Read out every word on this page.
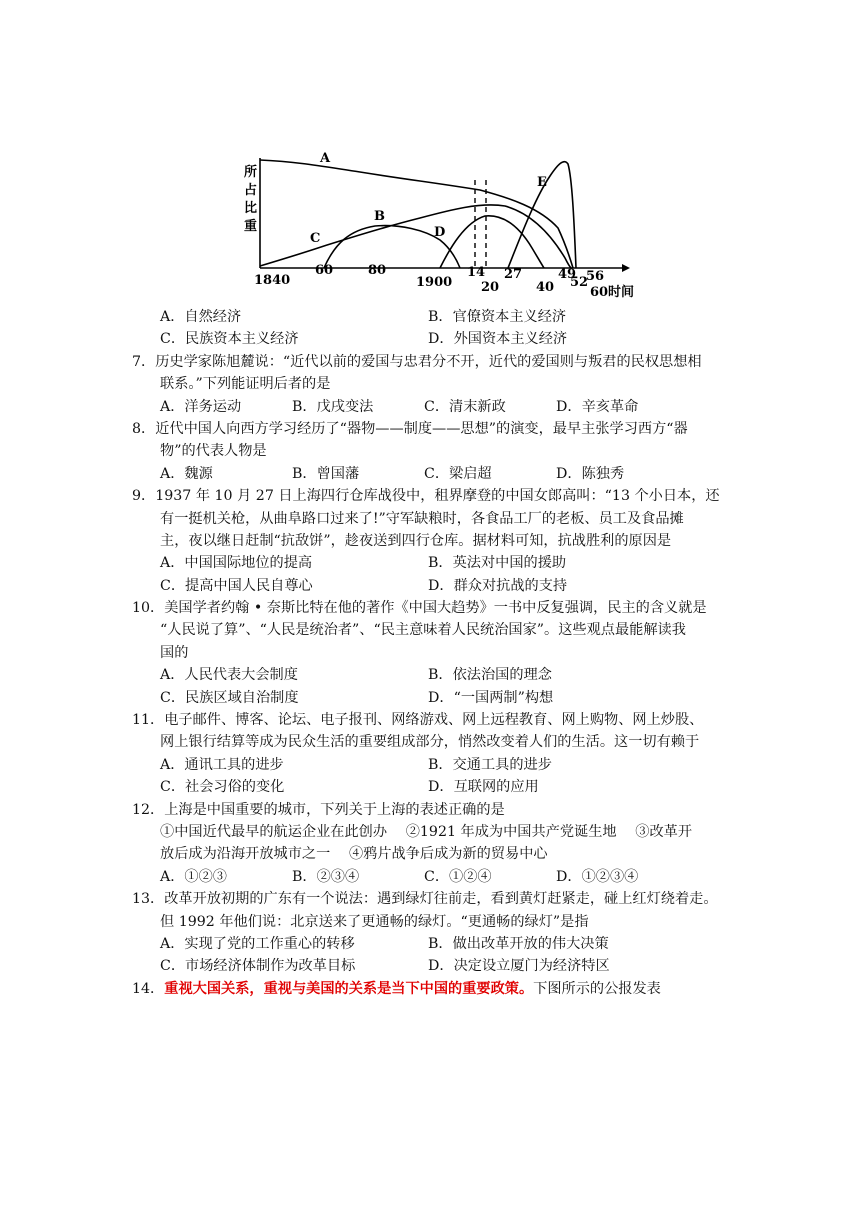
所
占
比
重
A
B
C	D
E
1840
60	80
1900
14
20
27
40
49
52
56
60 时间
A．自然经济	B．官僚资本主义经济
C．民族资本主义经济	D．外国资本主义经济
7．历史学家陈旭麓说：“近代以前的爱国与忠君分不开，近代的爱国则与叛君的民权思想相
联系。”下列能证明后者的是
A．洋务运动	B．戊戌变法	C．清末新政	D．辛亥革命
8．近代中国人向西方学习经历了“器物——制度——思想”的演变，最早主张学习西方“器
物”的代表人物是
A．魏源	B．曾国藩	C．梁启超	D．陈独秀
9．1937 年 10 月 27 日上海四行仓库战役中，租界摩登的中国女郎高叫：“13 个小日本，还
有一挺机关枪，从曲阜路口过来了!”守军缺粮时，各食品工厂的老板、员工及食品摊
主，夜以继日赶制“抗敌饼”，趁夜送到四行仓库。据材料可知，抗战胜利的原因是
A．中国国际地位的提高	B．英法对中国的援助
C．提高中国人民自尊心	D．群众对抗战的支持
10．美国学者约翰 • 奈斯比特在他的著作《中国大趋势》一书中反复强调，民主的含义就是
“人民说了算”、“人民是统治者”、“民主意味着人民统治国家”。这些观点最能解读我
国的
A．人民代表大会制度	B．依法治国的理念
C．民族区域自治制度	D．“一国两制”构想
11．电子邮件、博客、论坛、电子报刊、网络游戏、网上远程教育、网上购物、网上炒股、
网上银行结算等成为民众生活的重要组成部分，悄然改变着人们的生活。这一切有赖于
A．通讯工具的进步	B．交通工具的进步
C．社会习俗的变化	D．互联网的应用
12．上海是中国重要的城市，下列关于上海的表述正确的是
①中国近代最早的航运企业在此创办　 ②1921 年成为中国共产党诞生地　 ③改革开
放后成为沿海开放城市之一　 ④鸦片战争后成为新的贸易中心
A．①②③	B．②③④	C．①②④	D．①②③④
13．改革开放初期的广东有一个说法：遇到绿灯往前走，看到黄灯赶紧走，碰上红灯绕着走。
但 1992 年他们说：北京送来了更通畅的绿灯。“更通畅的绿灯”是指
A．实现了党的工作重心的转移	B．做出改革开放的伟大决策
C．市场经济体制作为改革目标	D．决定设立厦门为经济特区
14．重视大国关系，重视与美国的关系是当下中国的重要政策。下图所示的公报发表
